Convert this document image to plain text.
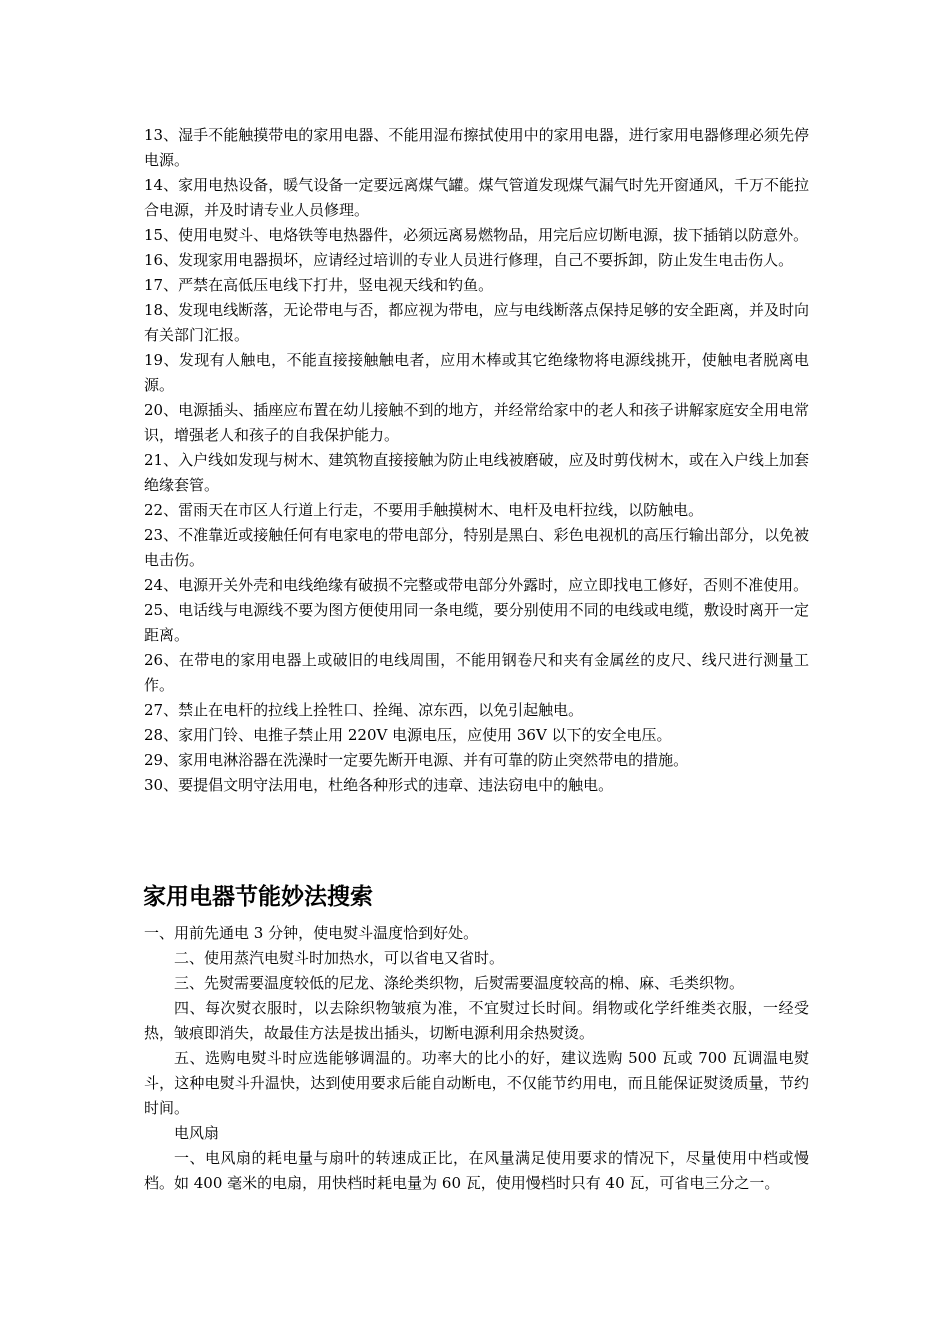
13、湿手不能触摸带电的家用电器、不能用湿布擦拭使用中的家用电器，进行家用电器修理必须先停电源。

14、家用电热设备，暖气设备一定要远离煤气罐。煤气管道发现煤气漏气时先开窗通风，千万不能拉合电源，并及时请专业人员修理。

15、使用电熨斗、电烙铁等电热器件，必须远离易燃物品，用完后应切断电源，拔下插销以防意外。

16、发现家用电器损坏，应请经过培训的专业人员进行修理，自己不要拆卸，防止发生电击伤人。

17、严禁在高低压电线下打井，竖电视天线和钓鱼。

18、发现电线断落，无论带电与否，都应视为带电，应与电线断落点保持足够的安全距离，并及时向有关部门汇报。

19、发现有人触电，不能直接接触触电者，应用木棒或其它绝缘物将电源线挑开，使触电者脱离电源。

20、电源插头、插座应布置在幼儿接触不到的地方，并经常给家中的老人和孩子讲解家庭安全用电常识，增强老人和孩子的自我保护能力。

21、入户线如发现与树木、建筑物直接接触为防止电线被磨破，应及时剪伐树木，或在入户线上加套绝缘套管。

22、雷雨天在市区人行道上行走，不要用手触摸树木、电杆及电杆拉线，以防触电。

23、不准靠近或接触任何有电家电的带电部分，特别是黑白、彩色电视机的高压行输出部分，以免被电击伤。

24、电源开关外壳和电线绝缘有破损不完整或带电部分外露时，应立即找电工修好，否则不准使用。

25、电话线与电源线不要为图方便使用同一条电缆，要分别使用不同的电线或电缆，敷设时离开一定距离。

26、在带电的家用电器上或破旧的电线周围，不能用钢卷尺和夹有金属丝的皮尺、线尺进行测量工作。

27、禁止在电杆的拉线上拴牲口、拴绳、凉东西，以免引起触电。

28、家用门铃、电推子禁止用 220V 电源电压，应使用 36V 以下的安全电压。

29、家用电淋浴器在洗澡时一定要先断开电源、并有可靠的防止突然带电的措施。

30、要提倡文明守法用电，杜绝各种形式的违章、违法窃电中的触电。

家用电器节能妙法搜索

一、用前先通电 3 分钟，使电熨斗温度恰到好处。

二、使用蒸汽电熨斗时加热水，可以省电又省时。

三、先熨需要温度较低的尼龙、涤纶类织物，后熨需要温度较高的棉、麻、毛类织物。

四、每次熨衣服时，以去除织物皱痕为准，不宜熨过长时间。绢物或化学纤维类衣服，一经受热，皱痕即消失，故最佳方法是拔出插头，切断电源利用余热熨烫。

五、选购电熨斗时应选能够调温的。功率大的比小的好，建议选购 500 瓦或 700 瓦调温电熨斗，这种电熨斗升温快，达到使用要求后能自动断电，不仅能节约用电，而且能保证熨烫质量，节约时间。

电风扇

一、电风扇的耗电量与扇叶的转速成正比，在风量满足使用要求的情况下，尽量使用中档或慢档。如 400 毫米的电扇，用快档时耗电量为 60 瓦，使用慢档时只有 40 瓦，可省电三分之一。
